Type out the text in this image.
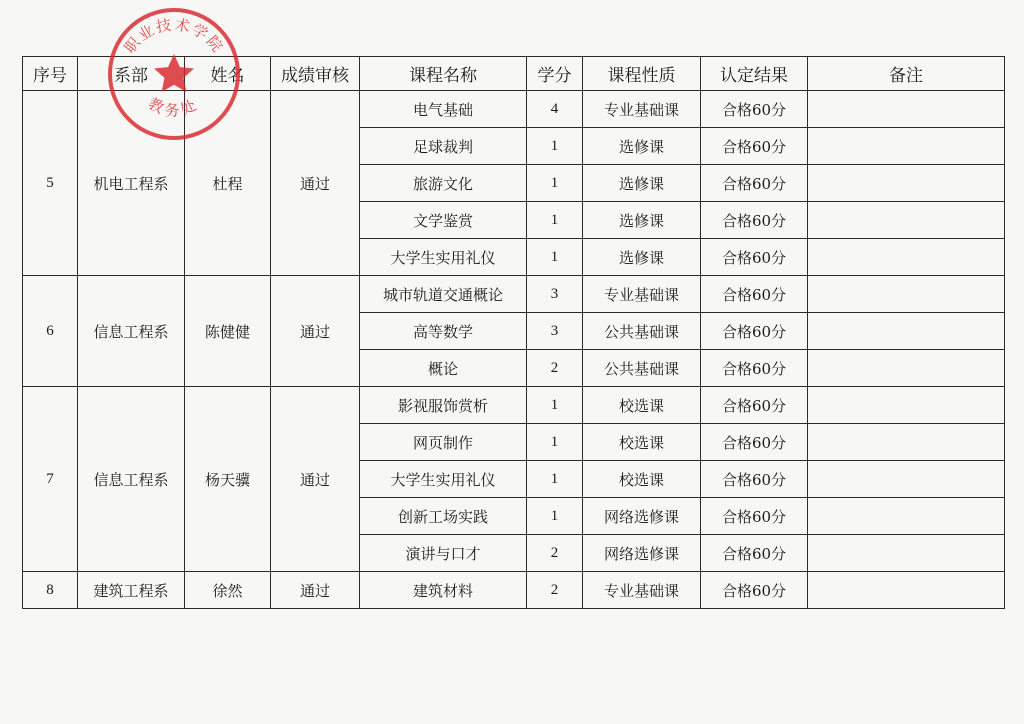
序号	系部	姓名	成绩审核	课程名称	学分	课程性质	认定结果	备注
5	机电工程系	杜程	通过	电气基础	4	专业基础课	合格60分	
				足球裁判	1	选修课	合格60分	
				旅游文化	1	选修课	合格60分	
				文学鉴赏	1	选修课	合格60分	
				大学生实用礼仪	1	选修课	合格60分	
6	信息工程系	陈健健	通过	城市轨道交通概论	3	专业基础课	合格60分	
				高等数学	3	公共基础课	合格60分	
				概论	2	公共基础课	合格60分	
7	信息工程系	杨天骥	通过	影视服饰赏析	1	校选课	合格60分	
				网页制作	1	校选课	合格60分	
				大学生实用礼仪	1	校选课	合格60分	
				创新工场实践	1	网络选修课	合格60分	
				演讲与口才	2	网络选修课	合格60分	
8	建筑工程系	徐然	通过	建筑材料	2	专业基础课	合格60分	
职业技术学院
教务处
